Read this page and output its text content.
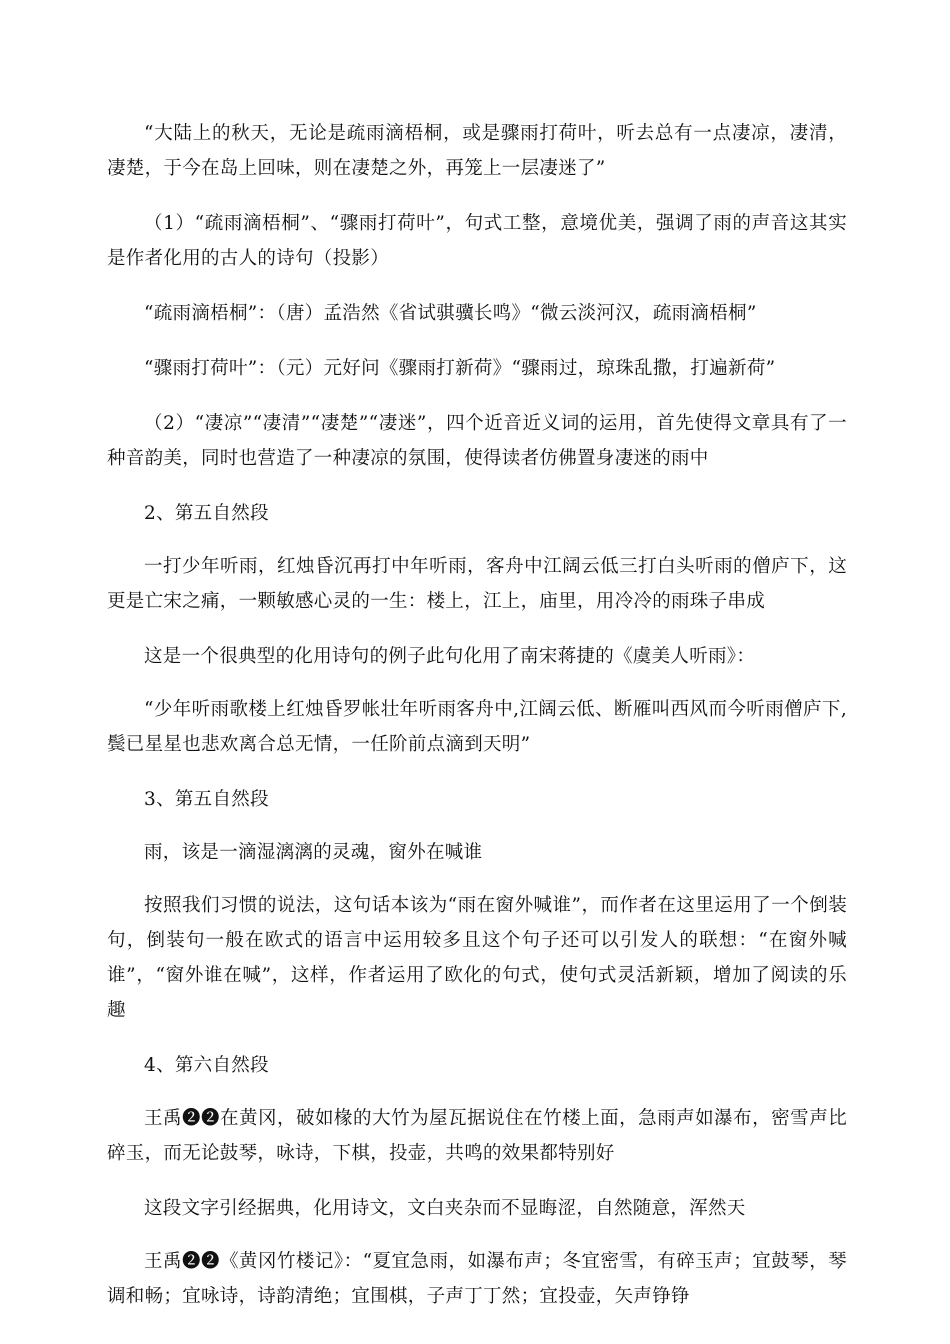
“大陆上的秋天，无论是疏雨滴梧桐，或是骤雨打荷叶，听去总有一点凄凉，凄清，凄楚，于今在岛上回味，则在凄楚之外，再笼上一层凄迷了”

（1）“疏雨滴梧桐”、“骤雨打荷叶”，句式工整，意境优美，强调了雨的声音这其实是作者化用的古人的诗句（投影）

“疏雨滴梧桐”：（唐）孟浩然《省试骐骥长鸣》“微云淡河汉，疏雨滴梧桐”

“骤雨打荷叶”：（元）元好问《骤雨打新荷》“骤雨过，琼珠乱撒，打遍新荷”

（2）“凄凉”“凄清”“凄楚”“凄迷”，四个近音近义词的运用，首先使得文章具有了一种音韵美，同时也营造了一种凄凉的氛围，使得读者仿佛置身凄迷的雨中

2、第五自然段

一打少年听雨，红烛昏沉再打中年听雨，客舟中江阔云低三打白头听雨的僧庐下，这更是亡宋之痛，一颗敏感心灵的一生：楼上，江上，庙里，用冷冷的雨珠子串成

这是一个很典型的化用诗句的例子此句化用了南宋蒋捷的《虞美人听雨》：

“少年听雨歌楼上红烛昏罗帐壮年听雨客舟中,江阔云低、断雁叫西风而今听雨僧庐下,鬓已星星也悲欢离合总无情，一任阶前点滴到天明”

3、第五自然段

雨，该是一滴湿漓漓的灵魂，窗外在喊谁

按照我们习惯的说法，这句话本该为“雨在窗外喊谁”，而作者在这里运用了一个倒装句，倒装句一般在欧式的语言中运用较多且这个句子还可以引发人的联想：“在窗外喊谁”，“窗外谁在喊”，这样，作者运用了欧化的句式，使句式灵活新颖，增加了阅读的乐趣

4、第六自然段

王禹❷❷在黄冈，破如椽的大竹为屋瓦据说住在竹楼上面，急雨声如瀑布，密雪声比碎玉，而无论鼓琴，咏诗，下棋，投壶，共鸣的效果都特别好

这段文字引经据典，化用诗文，文白夹杂而不显晦涩，自然随意，浑然天

王禹❷❷《黄冈竹楼记》：“夏宜急雨，如瀑布声；冬宜密雪，有碎玉声；宜鼓琴，琴调和畅；宜咏诗，诗韵清绝；宜围棋，子声丁丁然；宜投壶，矢声铮铮
